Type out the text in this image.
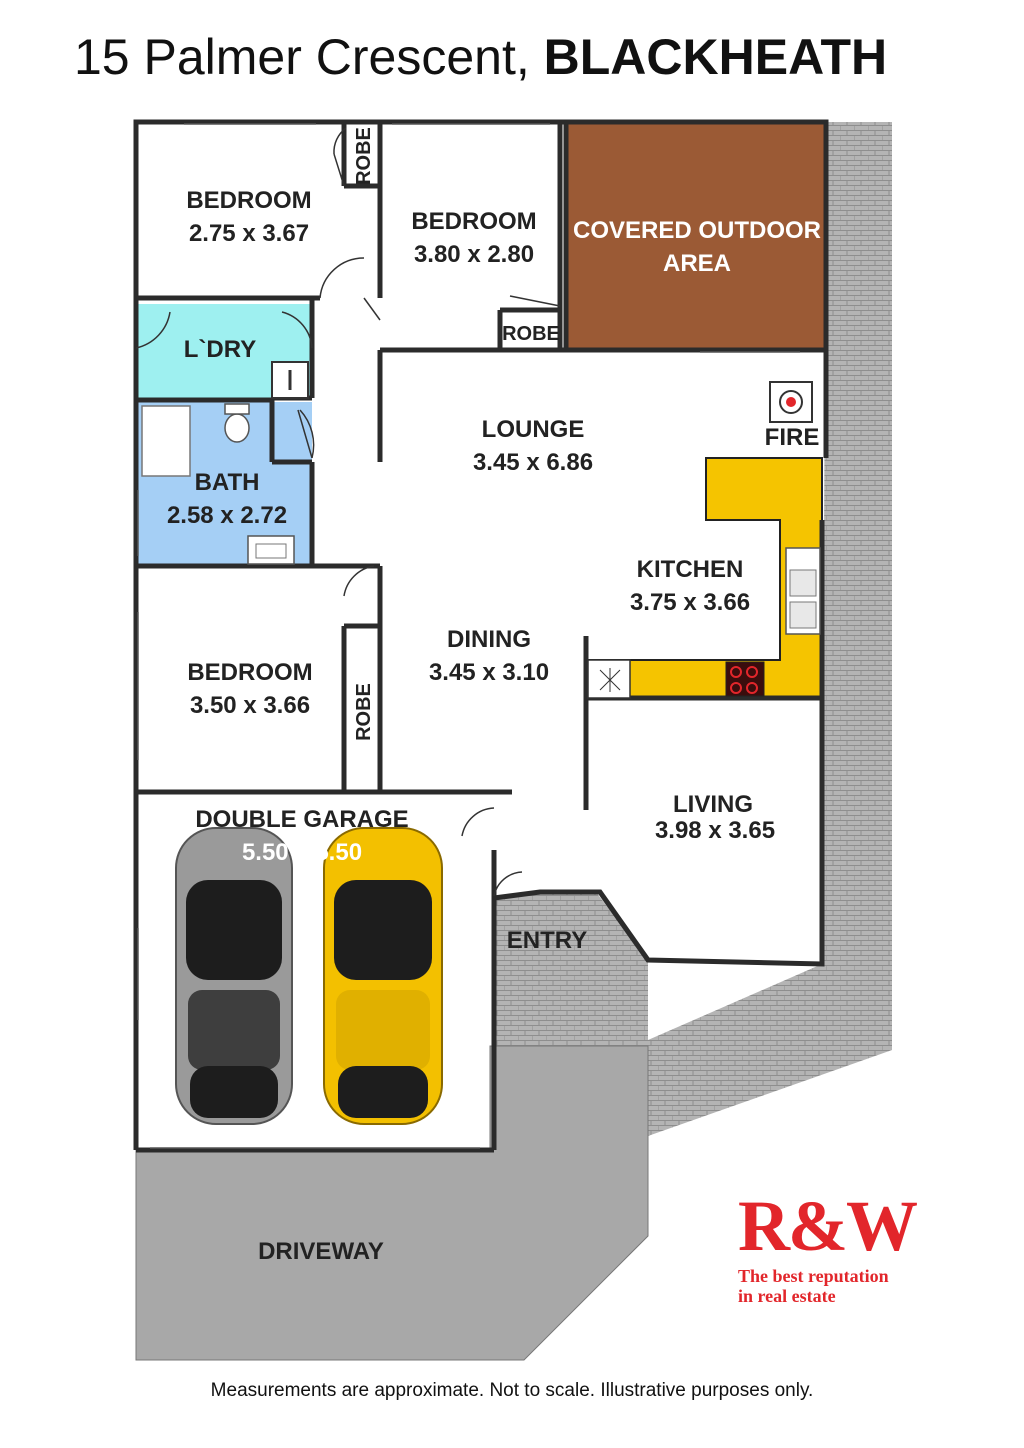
15 Palmer Crescent, BLACKHEATH
BEDROOM
2.75 x 3.67	BEDROOM
3.80 x 2.80
COVERED OUTDOOR
AREA
L`DRY
BATH
2.58 x 2.72
LOUNGE
3.45 x 6.86
FIRE
KITCHEN
3.75 x 3.66
DINING
3.45 x 3.10
BEDROOM
3.50 x 3.66
DOUBLE GARAGE
5.50 x 5.50
LIVING
3.98 x 3.65
ENTRY
DRIVEWAY
ROBE
ROBE
ROBE
R&W
The best reputation
in real estate
Measurements are approximate. Not to scale. Illustrative purposes only.
